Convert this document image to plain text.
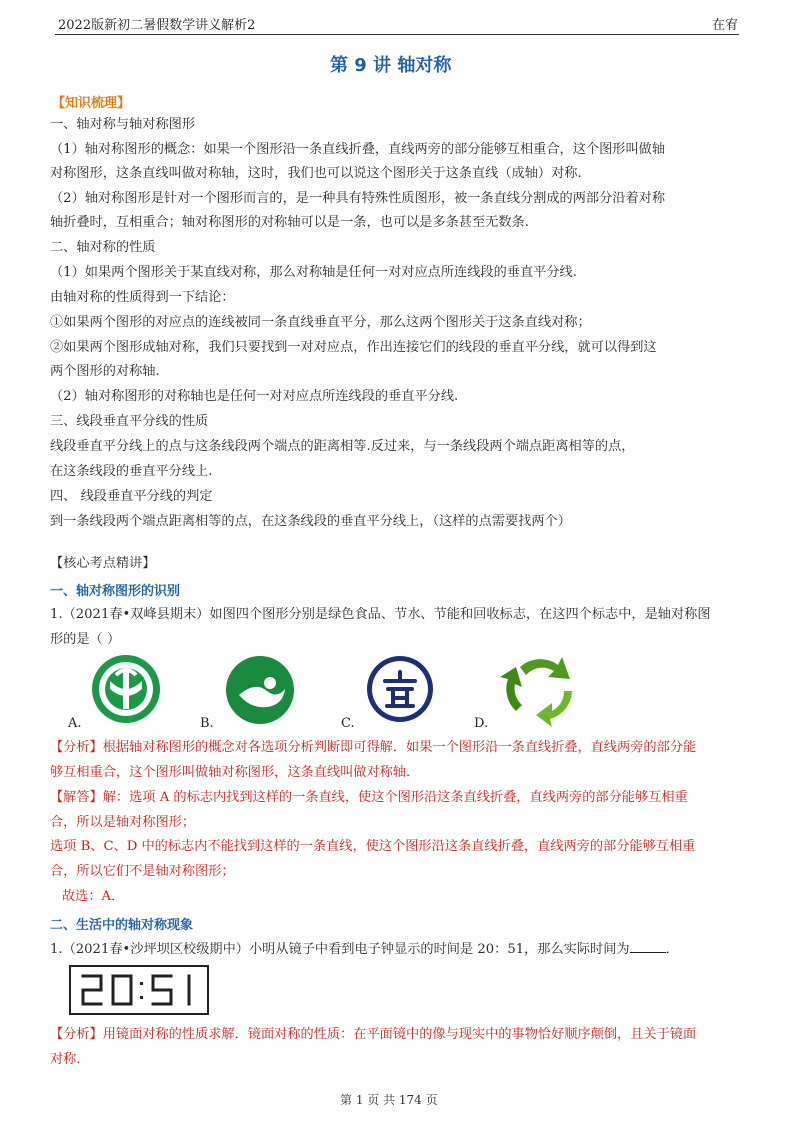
2022版新初二暑假数学讲义解析2	在宥
第 9 讲 轴对称
【知识梳理】
一、轴对称与轴对称图形
（1）轴对称图形的概念：如果一个图形沿一条直线折叠，直线两旁的部分能够互相重合，这个图形叫做轴
对称图形，这条直线叫做对称轴，这时，我们也可以说这个图形关于这条直线（成轴）对称.
（2）轴对称图形是针对一个图形而言的，是一种具有特殊性质图形，被一条直线分割成的两部分沿着对称
轴折叠时，互相重合；轴对称图形的对称轴可以是一条，也可以是多条甚至无数条.
二、轴对称的性质
（1）如果两个图形关于某直线对称，那么对称轴是任何一对对应点所连线段的垂直平分线.
由轴对称的性质得到一下结论：
①如果两个图形的对应点的连线被同一条直线垂直平分，那么这两个图形关于这条直线对称；
②如果两个图形成轴对称，我们只要找到一对对应点，作出连接它们的线段的垂直平分线，就可以得到这
两个图形的对称轴.
（2）轴对称图形的对称轴也是任何一对对应点所连线段的垂直平分线.
三、线段垂直平分线的性质
线段垂直平分线上的点与这条线段两个端点的距离相等.反过来，与一条线段两个端点距离相等的点，
在这条线段的垂直平分线上.
四、 线段垂直平分线的判定
到一条线段两个端点距离相等的点，在这条线段的垂直平分线上，（这样的点需要找两个）
【核心考点精讲】
一、轴对称图形的识别
1.（2021春•双峰县期末）如图四个图形分别是绿色食品、节水、节能和回收标志，在这四个标志中，是轴对称图
形的是（ ）
A.	B.	C.	D.
【分析】根据轴对称图形的概念对各选项分析判断即可得解．如果一个图形沿一条直线折叠，直线两旁的部分能
够互相重合，这个图形叫做轴对称图形，这条直线叫做对称轴．
【解答】解：选项 A 的标志内找到这样的一条直线，使这个图形沿这条直线折叠，直线两旁的部分能够互相重
合，所以是轴对称图形；
选项 B、C、D 中的标志内不能找到这样的一条直线，使这个图形沿这条直线折叠，直线两旁的部分能够互相重
合，所以它们不是轴对称图形；
故选：A．
二、生活中的轴对称现象
1.（2021春•沙坪坝区校级期中）小明从镜子中看到电子钟显示的时间是 20：51，那么实际时间为	．
20:51
【分析】用镜面对称的性质求解．镜面对称的性质：在平面镜中的像与现实中的事物恰好顺序颠倒，且关于镜面
对称．
第 1 页 共 174 页
